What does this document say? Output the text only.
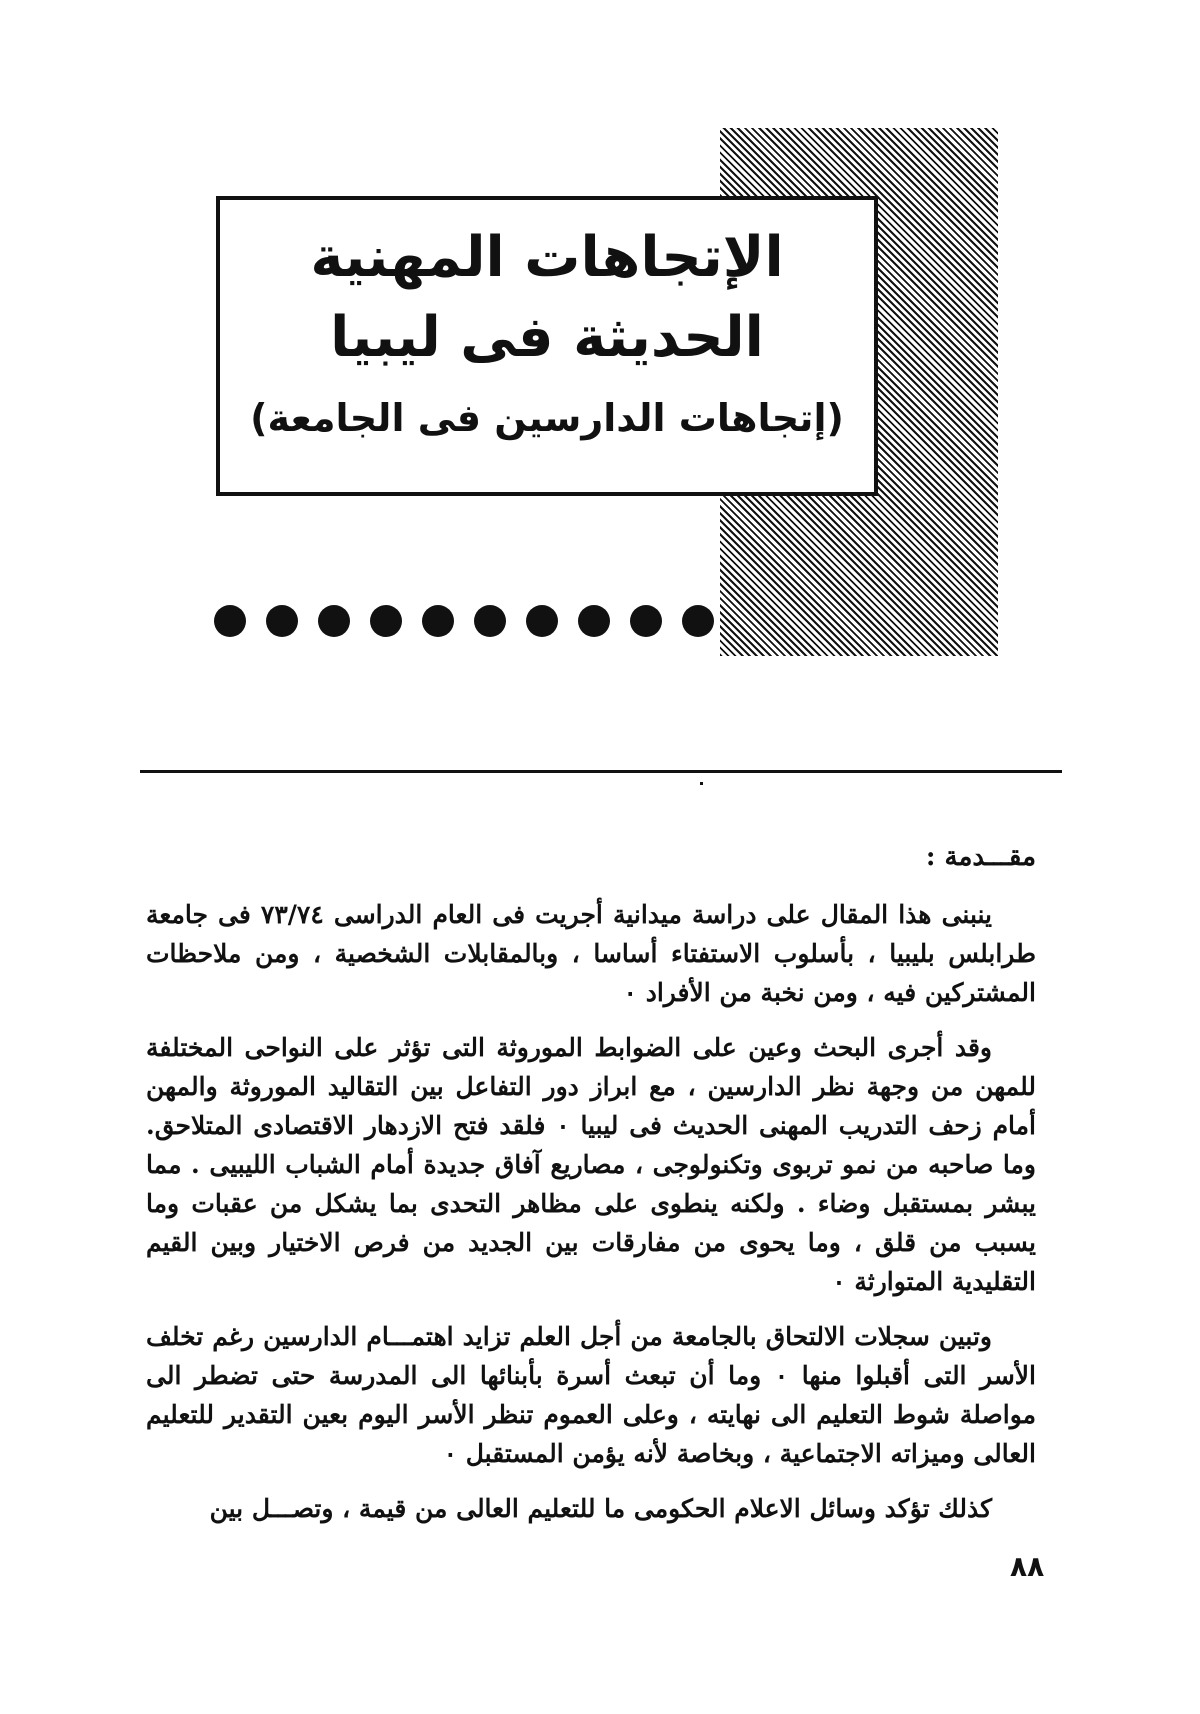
الإتجاهات المهنية
الحديثة فى ليبيا
(إتجاهات الدارسين فى الجامعة)

مقـــدمة :

ينبنى هذا المقال على دراسة ميدانية أجريت فى العام الدراسى ٧٣/٧٤ فى جامعة طرابلس بليبيا ، بأسلوب الاستفتاء أساسا ، وبالمقابلات الشخصية ، ومن ملاحظات المشتركين فيه ، ومن نخبة من الأفراد ٠

وقد أجرى البحث وعين على الضوابط الموروثة التى تؤثر على النواحى المختلفة للمهن من وجهة نظر الدارسين ، مع ابراز دور التفاعل بين التقاليد الموروثة والمهن أمام زحف التدريب المهنى الحديث فى ليبيا ٠ فلقد فتح الازدهار الاقتصادى المتلاحق. وما صاحبه من نمو تربوى وتكنولوجى ، مصاريع آفاق جديدة أمام الشباب الليبيى . مما يبشر بمستقبل وضاء . ولكنه ينطوى على مظاهر التحدى بما يشكل من عقبات وما يسبب من قلق ، وما يحوى من مفارقات بين الجديد من فرص الاختيار وبين القيم التقليدية المتوارثة ٠

وتبين سجلات الالتحاق بالجامعة من أجل العلم تزايد اهتمـــام الدارسين رغم تخلف الأسر التى أقبلوا منها ٠ وما أن تبعث أسرة بأبنائها الى المدرسة حتى تضطر الى مواصلة شوط التعليم الى نهايته ، وعلى العموم تنظر الأسر اليوم بعين التقدير للتعليم العالى وميزاته الاجتماعية ، وبخاصة لأنه يؤمن المستقبل ٠

كذلك تؤكد وسائل الاعلام الحكومى ما للتعليم العالى من قيمة ، وتصـــل بين

٨٨
